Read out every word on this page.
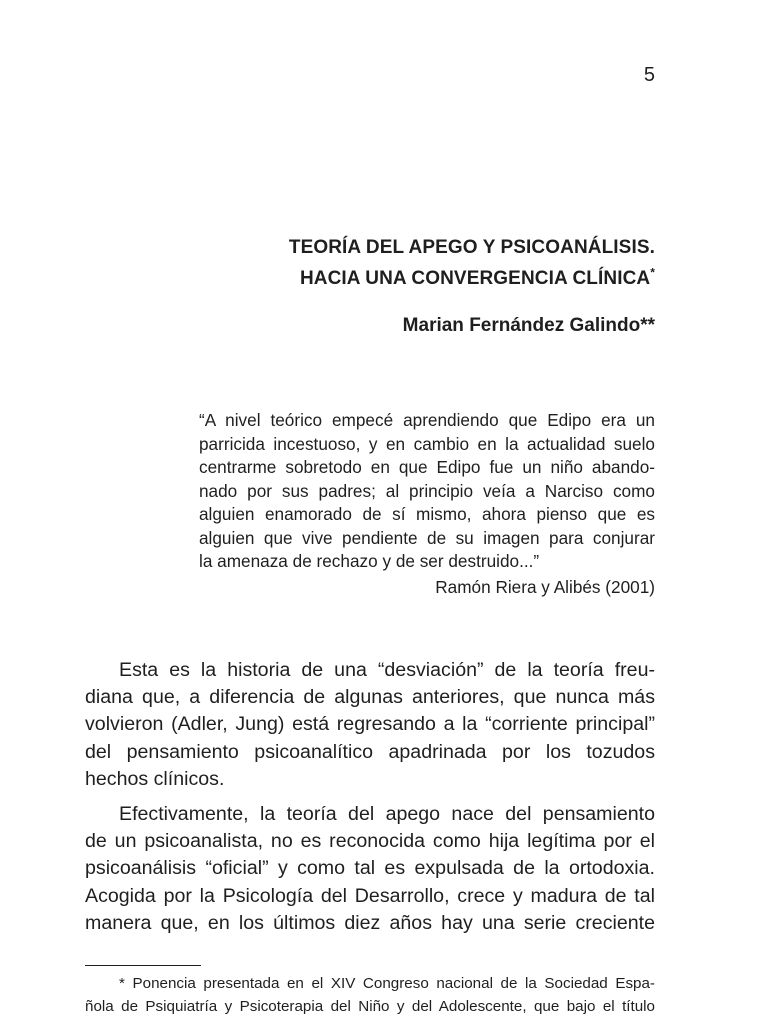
5
TEORÍA DEL APEGO Y PSICOANÁLISIS.
HACIA UNA CONVERGENCIA CLÍNICA*
Marian Fernández Galindo**
“A nivel teórico empecé aprendiendo que Edipo era un
parricida incestuoso, y en cambio en la actualidad suelo
centrarme sobretodo en que Edipo fue un niño abando-
nado por sus padres; al principio veía a Narciso como
alguien enamorado de sí mismo, ahora pienso que es
alguien que vive pendiente de su imagen para conjurar
la amenaza de rechazo y de ser destruido...”
Ramón Riera y Alibés (2001)
Esta es la historia de una “desviación” de la teoría freu-
diana que, a diferencia de algunas anteriores, que nunca más
volvieron (Adler, Jung) está regresando a la “corriente principal”
del pensamiento psicoanalítico apadrinada por los tozudos
hechos clínicos.
Efectivamente, la teoría del apego nace del pensamiento
de un psicoanalista, no es reconocida como hija legítima por el
psicoanálisis “oficial” y como tal es expulsada de la ortodoxia.
Acogida por la Psicología del Desarrollo, crece y madura de tal
manera que, en los últimos diez años hay una serie creciente
* Ponencia presentada en el XIV Congreso nacional de la Sociedad Espa-
ñola de Psiquiatría y Psicoterapia del Niño y del Adolescente, que bajo el título
